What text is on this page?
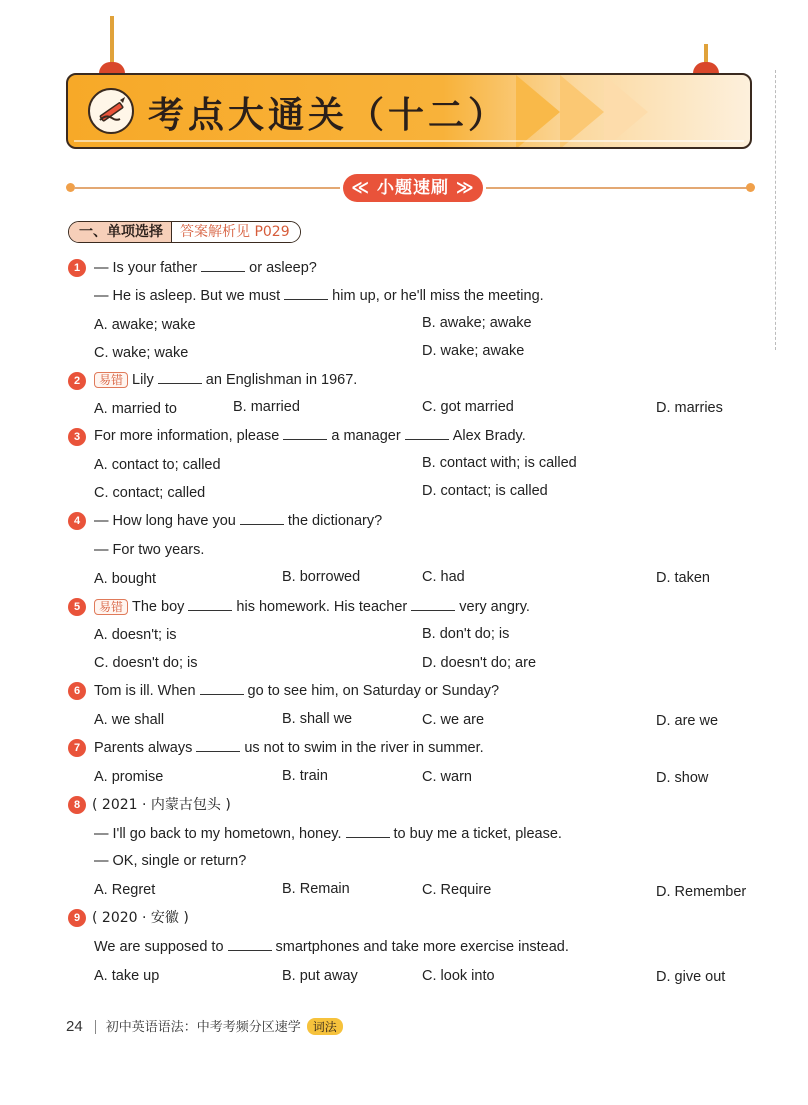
考点大通关（十二）
≪ 小题速刷 ≫
一、单项选择	答案解析见 P029
1 — Is your father	or asleep?
— He is asleep. But we must	him up, or he'll miss the meeting.
A. awake; wake	B. awake; awake
C. wake; wake	D. wake; awake
2	易错 Lily	an Englishman in 1967.
A. married to	B. married	C. got married	D. marries
3 For more information, please	a manager	Alex Brady.
A. contact to; called	B. contact with; is called
C. contact; called	D. contact; is called
4 — How long have you	the dictionary?
— For two years.
A. bought	B. borrowed	C. had	D. taken
5	易错 The boy	his homework. His teacher	very angry.
A. doesn't; is	B. don't do; is
C. doesn't do; is	D. doesn't do; are
6 Tom is ill. When	go to see him, on Saturday or Sunday?
A. we shall	B. shall we	C. we are	D. are we
7 Parents always	us not to swim in the river in summer.
A. promise	B. train	C. warn	D. show
8 ( 2021 · 内蒙古包头 )
— I'll go back to my hometown, honey.	to buy me a ticket, please.
— OK, single or return?
A. Regret	B. Remain	C. Require	D. Remember
9 ( 2020 · 安徽 )
We are supposed to	smartphones and take more exercise instead.
A. take up	B. put away	C. look into	D. give out
24 初中英语语法：中考考频分区速学 词法
